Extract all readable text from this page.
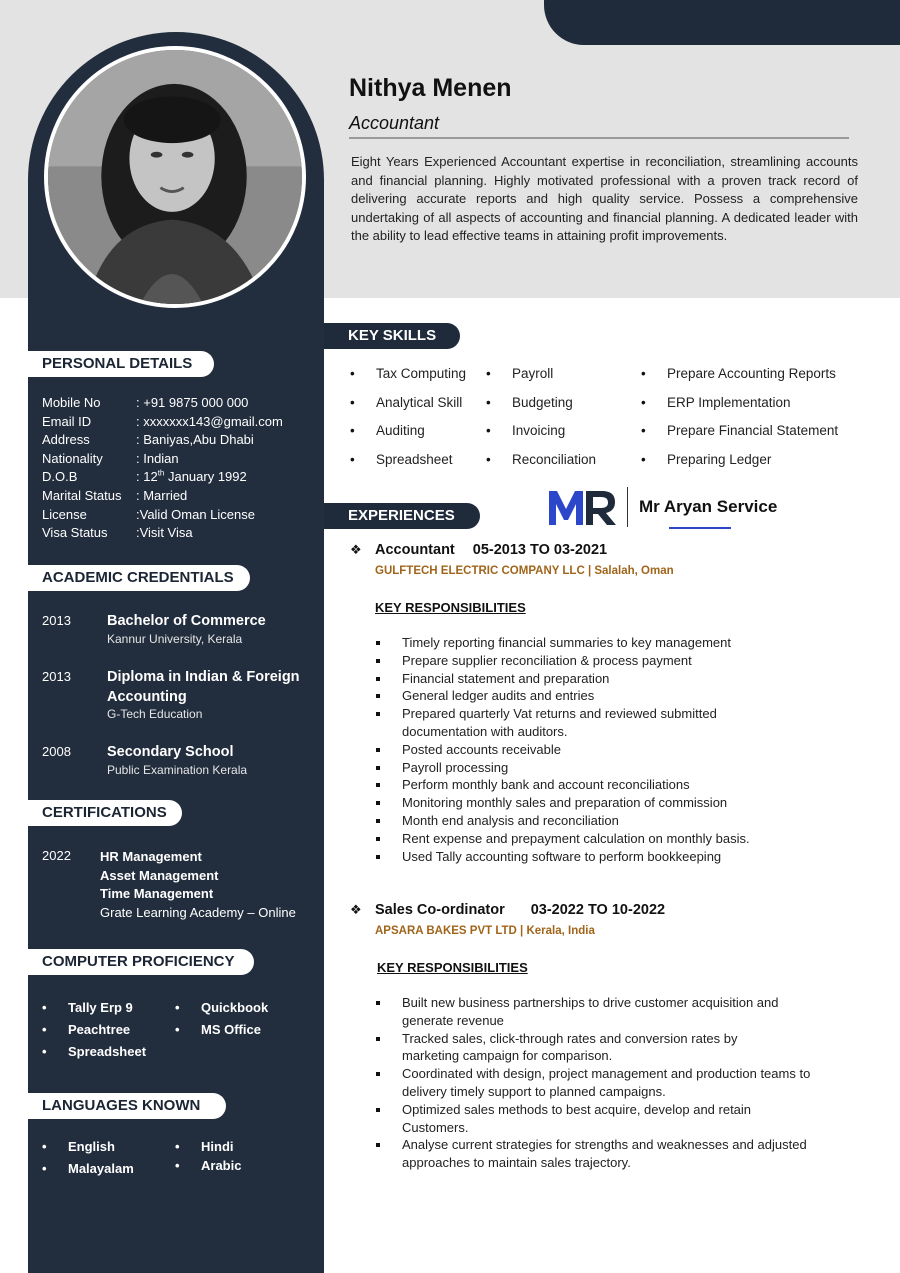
Nithya Menen
Accountant
Eight Years Experienced Accountant expertise in reconciliation, streamlining accounts and financial planning. Highly motivated professional with a proven track record of delivering accurate reports and high quality service. Possess a comprehensive undertaking of all aspects of accounting and financial planning. A dedicated leader with the ability to lead effective teams in attaining profit improvements.
PERSONAL DETAILS
Mobile No	: +91 9875 000 000
Email ID	: xxxxxxx143@gmail.com
Address	: Baniyas,Abu Dhabi
Nationality	: Indian
D.O.B	: 12th January 1992
Marital Status	: Married
License	:Valid Oman License
Visa Status	:Visit Visa
ACADEMIC CREDENTIALS
2013	Bachelor of Commerce
Kannur University, Kerala
2013	Diploma in Indian & Foreign Accounting
G-Tech Education
2008	Secondary School
Public Examination Kerala
CERTIFICATIONS
2022 HR Management
Asset Management
Time Management
Grate Learning Academy – Online
COMPUTER PROFICIENCY
• Tally Erp 9	• Quickbook
• Peachtree	• MS Office
• Spreadsheet
LANGUAGES KNOWN
• English	• Hindi
• Malayalam	• Arabic
KEY SKILLS
• Tax Computing	• Payroll	• Prepare Accounting Reports
• Analytical Skill	• Budgeting	• ERP Implementation
• Auditing	• Invoicing	• Prepare Financial Statement
• Spreadsheet	• Reconciliation	• Preparing Ledger
Mr Aryan Service
EXPERIENCES
❖ Accountant 05-2013 TO 03-2021
GULFTECH ELECTRIC COMPANY LLC | Salalah, Oman
KEY RESPONSIBILITIES
Timely reporting financial summaries to key management
Prepare supplier reconciliation & process payment
Financial statement and preparation
General ledger audits and entries
Prepared quarterly Vat returns and reviewed submitted documentation with auditors.
Posted accounts receivable
Payroll processing
Perform monthly bank and account reconciliations
Monitoring monthly sales and preparation of commission
Month end analysis and reconciliation
Rent expense and prepayment calculation on monthly basis.
Used Tally accounting software to perform bookkeeping
❖ Sales Co-ordinator 03-2022 TO 10-2022
APSARA BAKES PVT LTD | Kerala, India
KEY RESPONSIBILITIES
Built new business partnerships to drive customer acquisition and generate revenue
Tracked sales, click-through rates and conversion rates by marketing campaign for comparison.
Coordinated with design, project management and production teams to delivery timely support to planned campaigns.
Optimized sales methods to best acquire, develop and retain Customers.
Analyse current strategies for strengths and weaknesses and adjusted approaches to maintain sales trajectory.
